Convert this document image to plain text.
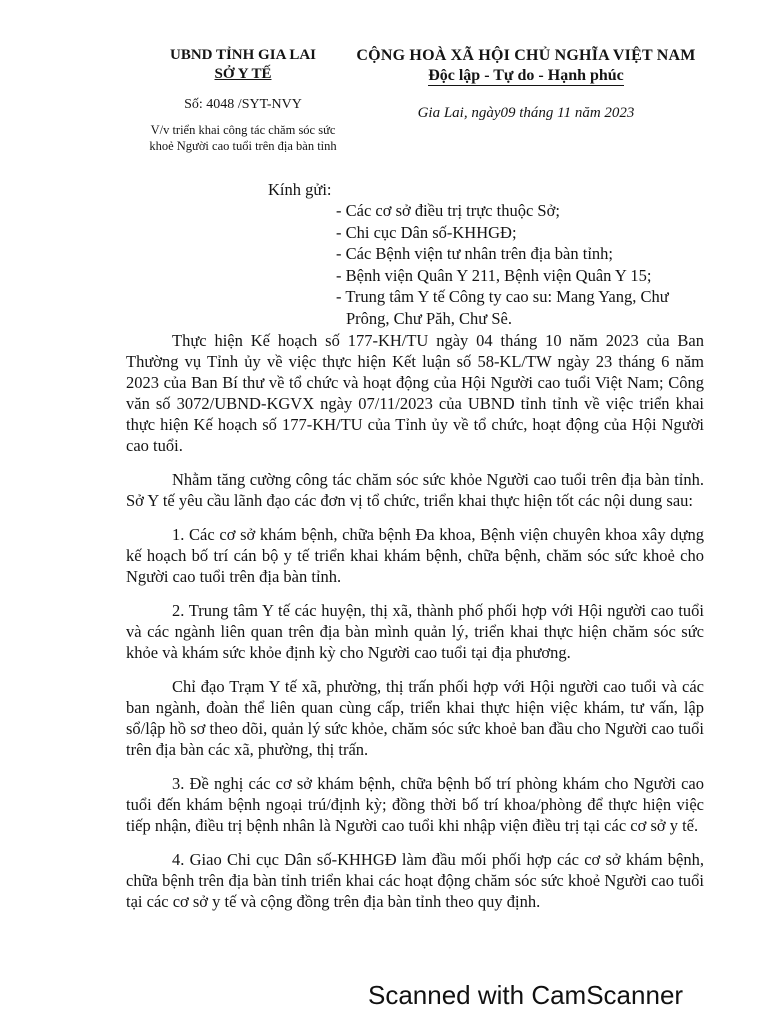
UBND TỈNH GIA LAI
SỞ Y TẾ
Số: 4048 /SYT-NVY
V/v triển khai công tác chăm sóc sức
khoẻ Người cao tuổi trên địa bàn tỉnh
CỘNG HOÀ XÃ HỘI CHỦ NGHĨA VIỆT NAM
Độc lập - Tự do - Hạnh phúc
Gia Lai, ngày09 tháng 11 năm 2023
Kính gửi:
- Các cơ sở điều trị trực thuộc Sở;
- Chi cục Dân số-KHHGĐ;
- Các Bệnh viện tư nhân trên địa bàn tỉnh;
- Bệnh viện Quân Y 211, Bệnh viện Quân Y 15;
- Trung tâm Y tế Công ty cao su: Mang Yang, Chư
Prông, Chư Păh, Chư Sê.

Thực hiện Kế hoạch số 177-KH/TU ngày 04 tháng 10 năm 2023 của Ban Thường vụ Tỉnh ủy về việc thực hiện Kết luận số 58-KL/TW ngày 23 tháng 6 năm 2023 của Ban Bí thư về tổ chức và hoạt động của Hội Người cao tuổi Việt Nam; Công văn số 3072/UBND-KGVX ngày 07/11/2023 của UBND tỉnh tỉnh về việc triển khai thực hiện Kế hoạch số 177-KH/TU của Tỉnh ủy về tổ chức, hoạt động của Hội Người cao tuổi.

Nhằm tăng cường công tác chăm sóc sức khỏe Người cao tuổi trên địa bàn tỉnh. Sở Y tế yêu cầu lãnh đạo các đơn vị tổ chức, triển khai thực hiện tốt các nội dung sau:

1. Các cơ sở khám bệnh, chữa bệnh Đa khoa, Bệnh viện chuyên khoa xây dựng kế hoạch bố trí cán bộ y tế triển khai khám bệnh, chữa bệnh, chăm sóc sức khoẻ cho Người cao tuổi trên địa bàn tỉnh.

2. Trung tâm Y tế các huyện, thị xã, thành phố phối hợp với Hội người cao tuổi và các ngành liên quan trên địa bàn mình quản lý, triển khai thực hiện chăm sóc sức khỏe và khám sức khỏe định kỳ cho Người cao tuổi tại địa phương.

Chỉ đạo Trạm Y tế xã, phường, thị trấn phối hợp với Hội người cao tuổi và các ban ngành, đoàn thể liên quan cùng cấp, triển khai thực hiện việc khám, tư vấn, lập sổ/lập hồ sơ theo dõi, quản lý sức khỏe, chăm sóc sức khoẻ ban đầu cho Người cao tuổi trên địa bàn các xã, phường, thị trấn.

3. Đề nghị các cơ sở khám bệnh, chữa bệnh bố trí phòng khám cho Người cao tuổi đến khám bệnh ngoại trú/định kỳ; đồng thời bố trí khoa/phòng để thực hiện việc tiếp nhận, điều trị bệnh nhân là Người cao tuổi khi nhập viện điều trị tại các cơ sở y tế.

4. Giao Chi cục Dân số-KHHGĐ làm đầu mối phối hợp các cơ sở khám bệnh, chữa bệnh trên địa bàn tỉnh triển khai các hoạt động chăm sóc sức khoẻ Người cao tuổi tại các cơ sở y tế và cộng đồng trên địa bàn tỉnh theo quy định.

Scanned with CamScanner
